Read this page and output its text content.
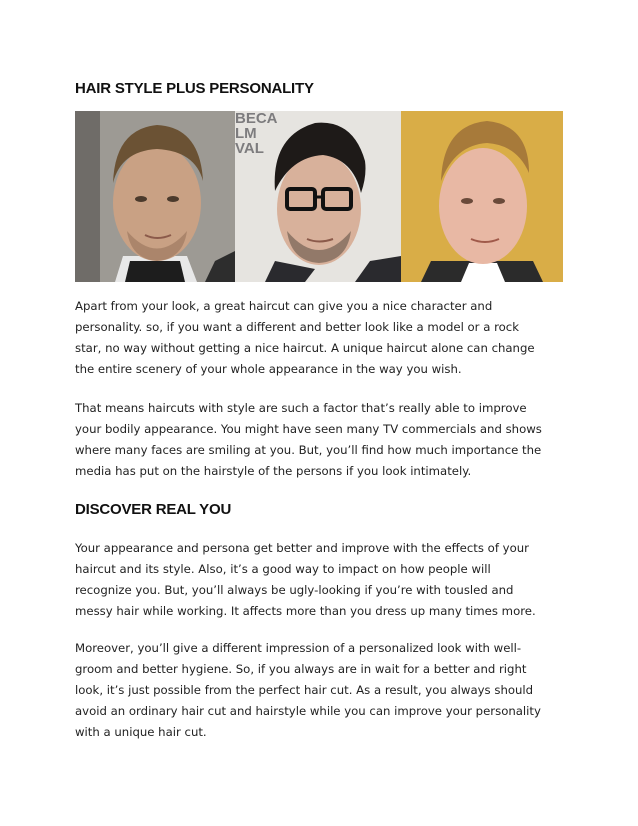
HAIR STYLE PLUS PERSONALITY
BECA
LM
VAL

Apart from your look, a great haircut can give you a nice character and
personality. so, if you want a different and better look like a model or a rock
star, no way without getting a nice haircut. A unique haircut alone can change
the entire scenery of your whole appearance in the way you wish.

That means haircuts with style are such a factor that’s really able to improve
your bodily appearance. You might have seen many TV commercials and shows
where many faces are smiling at you. But, you’ll find how much importance the
media has put on the hairstyle of the persons if you look intimately.

DISCOVER REAL YOU

Your appearance and persona get better and improve with the effects of your
haircut and its style. Also, it’s a good way to impact on how people will
recognize you. But, you’ll always be ugly-looking if you’re with tousled and
messy hair while working. It affects more than you dress up many times more.

Moreover, you’ll give a different impression of a personalized look with well-
groom and better hygiene. So, if you always are in wait for a better and right
look, it’s just possible from the perfect hair cut. As a result, you always should
avoid an ordinary hair cut and hairstyle while you can improve your personality
with a unique hair cut.
